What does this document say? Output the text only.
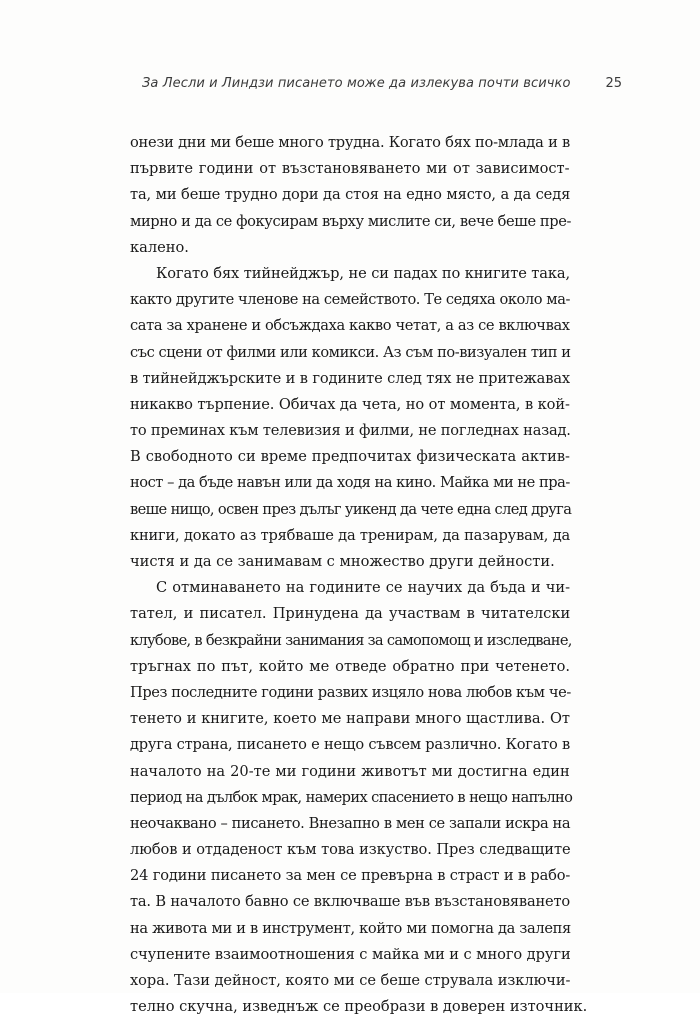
За Лесли и Линдзи писането може да излекува почти всичко	25
онези дни ми беше много трудна. Когато бях по-млада и в
първите години от възстановяването ми от зависимост-
та, ми беше трудно дори да стоя на едно място, а да седя
мирно и да се фокусирам върху мислите си, вече беше пре-
калено.
Когато бях тийнейджър, не си падах по книгите така,
както другите членове на семейството. Те седяха около ма-
сата за хранене и обсъждаха какво четат, а аз се включвах
със сцени от филми или комикси. Аз съм по-визуален тип и
в тийнейджърските и в годините след тях не притежавах
никакво търпение. Обичах да чета, но от момента, в кой-
то преминах към телевизия и филми, не погледнах назад.
В свободното си време предпочитах физическата актив-
ност – да бъде навън или да ходя на кино. Майка ми не пра-
веше нищо, освен през дълъг уикенд да чете една след друга
книги, докато аз трябваше да тренирам, да пазарувам, да
чистя и да се занимавам с множество други дейности.
С отминаването на годините се научих да бъда и чи-
тател, и писател. Принудена да участвам в читателски
клубове, в безкрайни занимания за самопомощ и изследване,
тръгнах по път, който ме отведе обратно при четенето.
През последните години развих изцяло нова любов към че-
тенето и книгите, което ме направи много щастлива. От
друга страна, писането е нещо съвсем различно. Когато в
началото на 20-те ми години животът ми достигна един
период на дълбок мрак, намерих спасението в нещо напълно
неочаквано – писането. Внезапно в мен се запали искра на
любов и отдаденост към това изкуство. През следващите
24 години писането за мен се превърна в страст и в рабо-
та. В началото бавно се включваше във възстановяването
на живота ми и в инструмент, който ми помогна да залепя
счупените взаимоотношения с майка ми и с много други
хора. Тази дейност, която ми се беше струвала изключи-
телно скучна, изведнъж се преобрази в доверен източник.
